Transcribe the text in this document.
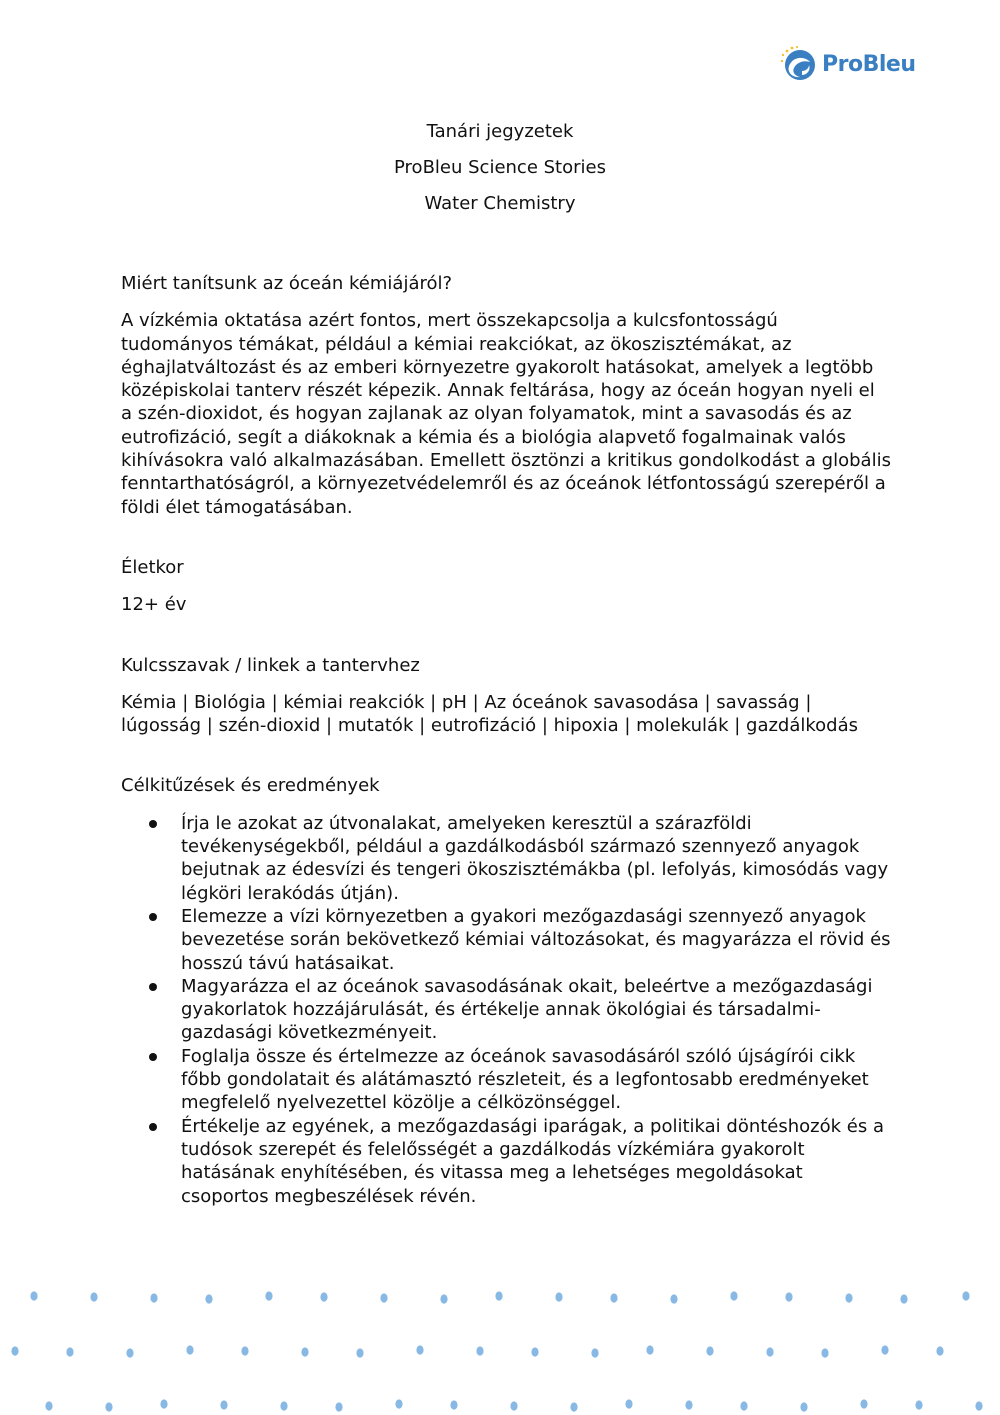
ProBleu
Tanári jegyzetek
ProBleu Science Stories
Water Chemistry

Miért tanítsunk az óceán kémiájáról?

A vízkémia oktatása azért fontos, mert összekapcsolja a kulcsfontosságú tudományos témákat, például a kémiai reakciókat, az ökoszisztémákat, az éghajlatváltozást és az emberi környezetre gyakorolt hatásokat, amelyek a legtöbb középiskolai tanterv részét képezik. Annak feltárása, hogy az óceán hogyan nyeli el a szén-dioxidot, és hogyan zajlanak az olyan folyamatok, mint a savasodás és az eutrofizáció, segít a diákoknak a kémia és a biológia alapvető fogalmainak valós kihívásokra való alkalmazásában. Emellett ösztönzi a kritikus gondolkodást a globális fenntarthatóságról, a környezetvédelemről és az óceánok létfontosságú szerepéről a földi élet támogatásában.

Életkor

12+ év

Kulcsszavak / linkek a tantervhez

Kémia | Biológia | kémiai reakciók | pH | Az óceánok savasodása | savasság | lúgosság | szén-dioxid | mutatók | eutrofizáció | hipoxia | molekulák | gazdálkodás

Célkitűzések és eredmények

Írja le azokat az útvonalakat, amelyeken keresztül a szárazföldi tevékenységekből, például a gazdálkodásból származó szennyező anyagok bejutnak az édesvízi és tengeri ökoszisztémákba (pl. lefolyás, kimosódás vagy légköri lerakódás útján).
Elemezze a vízi környezetben a gyakori mezőgazdasági szennyező anyagok bevezetése során bekövetkező kémiai változásokat, és magyarázza el rövid és hosszú távú hatásaikat.
Magyarázza el az óceánok savasodásának okait, beleértve a mezőgazdasági gyakorlatok hozzájárulását, és értékelje annak ökológiai és társadalmi-gazdasági következményeit.
Foglalja össze és értelmezze az óceánok savasodásáról szóló újságírói cikk főbb gondolatait és alátámasztó részleteit, és a legfontosabb eredményeket megfelelő nyelvezettel közölje a célközönséggel.
Értékelje az egyének, a mezőgazdasági iparágak, a politikai döntéshozók és a tudósok szerepét és felelősségét a gazdálkodás vízkémiára gyakorolt hatásának enyhítésében, és vitassa meg a lehetséges megoldásokat csoportos megbeszélések révén.
